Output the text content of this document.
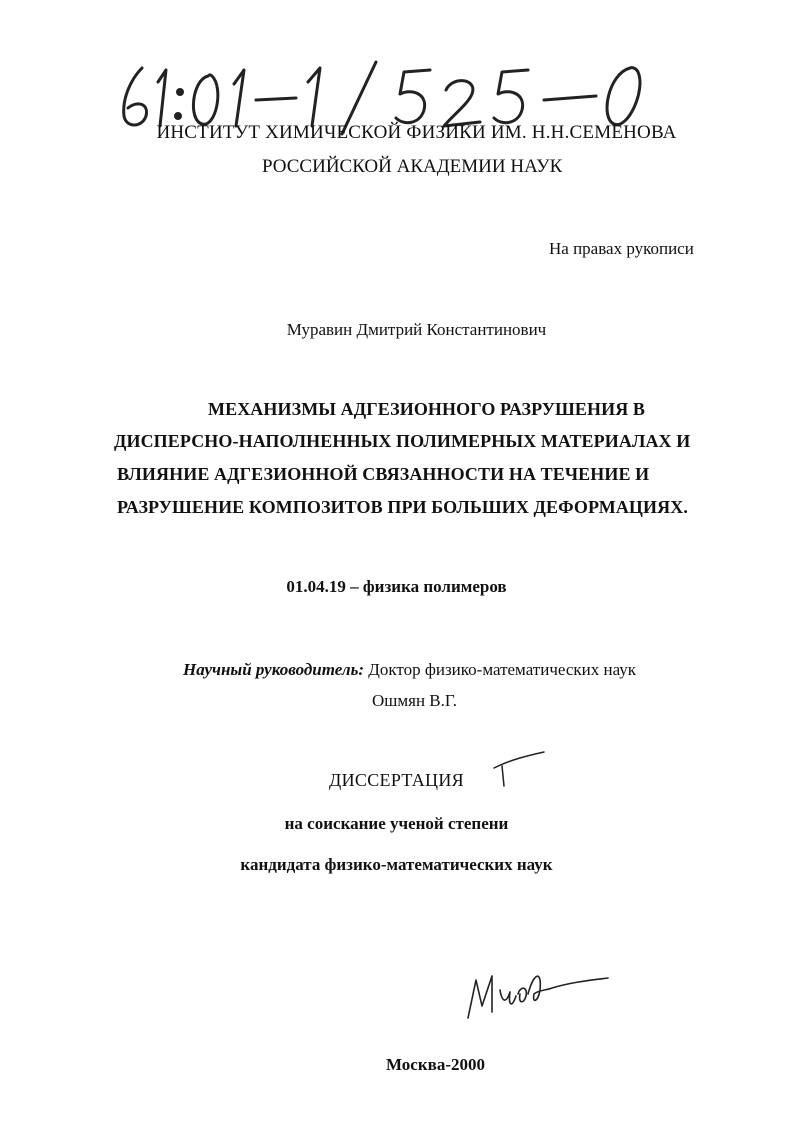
ИНСТИТУТ ХИМИЧЕСКОЙ ФИЗИКИ ИМ. Н.Н.СЕМЕНОВА
РОССИЙСКОЙ АКАДЕМИИ НАУК
На правах рукописи
Муравин Дмитрий Константинович
МЕХАНИЗМЫ АДГЕЗИОННОГО РАЗРУШЕНИЯ В
ДИСПЕРСНО-НАПОЛНЕННЫХ ПОЛИМЕРНЫХ МАТЕРИАЛАХ И
ВЛИЯНИЕ АДГЕЗИОННОЙ СВЯЗАННОСТИ НА ТЕЧЕНИЕ И
РАЗРУШЕНИЕ КОМПОЗИТОВ ПРИ БОЛЬШИХ ДЕФОРМАЦИЯХ.
01.04.19 – физика полимеров
Научный руководитель: Доктор физико-математических наук
Ошмян В.Г.
ДИССЕРТАЦИЯ
на соискание ученой степени
кандидата физико-математических наук
Москва-2000
